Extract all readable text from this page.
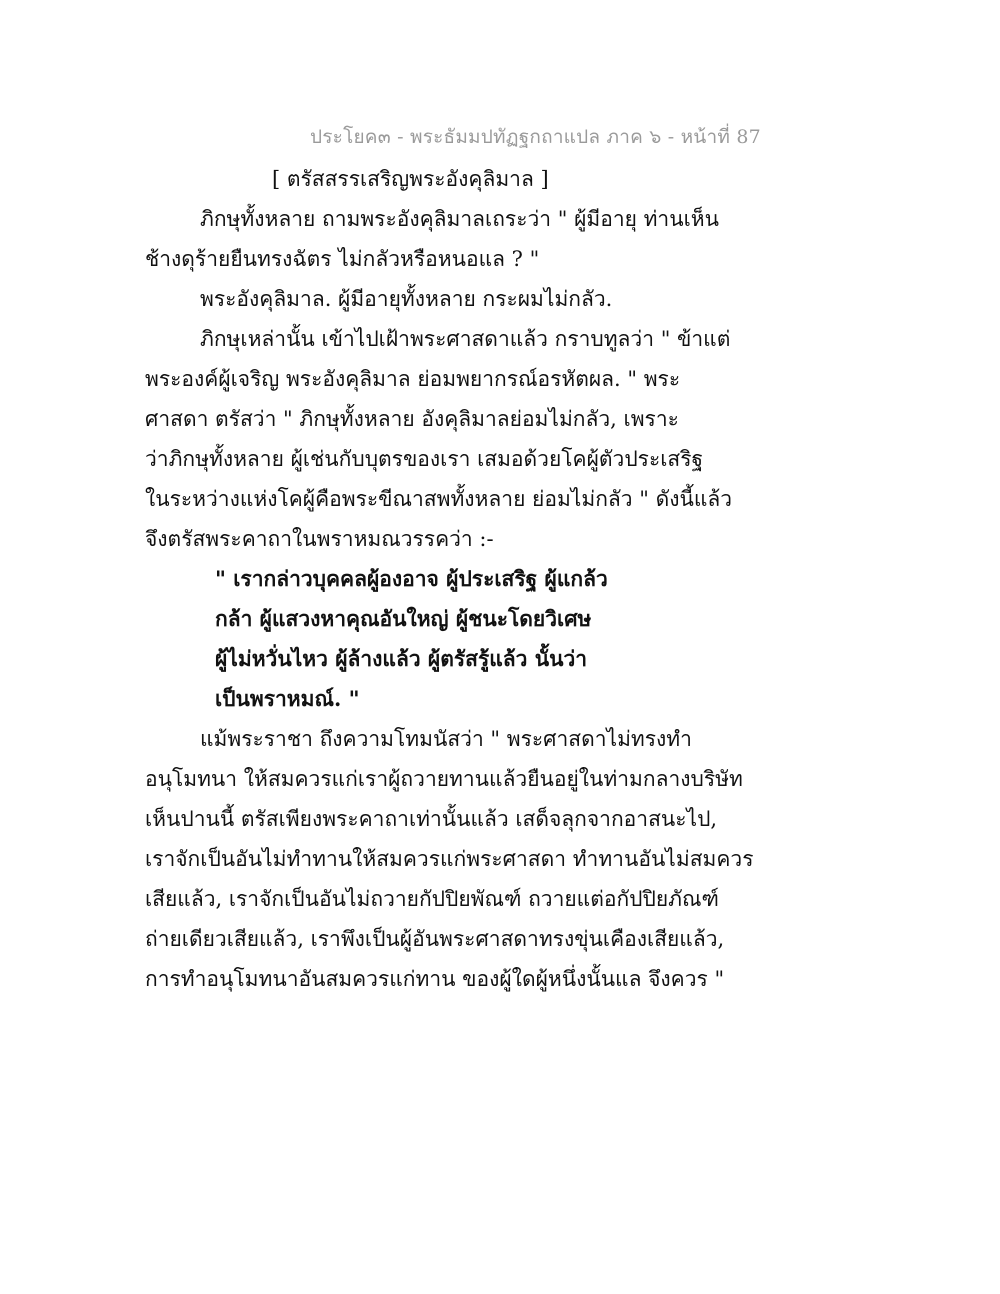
ประโยค๓ - พระธัมมปทัฏฐกถาแปล ภาค ๖ - หน้าที่ 87
[ ตรัสสรรเสริญพระอังคุลิมาล ]
ภิกษุทั้งหลาย ถามพระอังคุลิมาลเถระว่า " ผู้มีอายุ ท่านเห็น
ช้างดุร้ายยืนทรงฉัตร ไม่กลัวหรือหนอแล ? "
พระอังคุลิมาล. ผู้มีอายุทั้งหลาย กระผมไม่กลัว.
ภิกษุเหล่านั้น เข้าไปเฝ้าพระศาสดาแล้ว กราบทูลว่า " ข้าแต่
พระองค์ผู้เจริญ พระอังคุลิมาล ย่อมพยากรณ์อรหัตผล. " พระ
ศาสดา ตรัสว่า " ภิกษุทั้งหลาย อังคุลิมาลย่อมไม่กลัว, เพราะ
ว่าภิกษุทั้งหลาย ผู้เช่นกับบุตรของเรา เสมอด้วยโคผู้ตัวประเสริฐ
ในระหว่างแห่งโคผู้คือพระขีณาสพทั้งหลาย ย่อมไม่กลัว " ดังนี้แล้ว
จึงตรัสพระคาถาในพราหมณวรรคว่า :-
" เรากล่าวบุคคลผู้องอาจ ผู้ประเสริฐ ผู้แกล้ว
กล้า ผู้แสวงหาคุณอันใหญ่ ผู้ชนะโดยวิเศษ
ผู้ไม่หวั่นไหว ผู้ล้างแล้ว ผู้ตรัสรู้แล้ว นั้นว่า
เป็นพราหมณ์. "
แม้พระราชา ถึงความโทมนัสว่า " พระศาสดาไม่ทรงทำ
อนุโมทนา ให้สมควรแก่เราผู้ถวายทานแล้วยืนอยู่ในท่ามกลางบริษัท
เห็นปานนี้ ตรัสเพียงพระคาถาเท่านั้นแล้ว เสด็จลุกจากอาสนะไป,
เราจักเป็นอันไม่ทำทานให้สมควรแก่พระศาสดา ทำทานอันไม่สมควร
เสียแล้ว, เราจักเป็นอันไม่ถวายกัปปิยพัณฑ์ ถวายแต่อกัปปิยภัณฑ์
ถ่ายเดียวเสียแล้ว, เราพึงเป็นผู้อันพระศาสดาทรงขุ่นเคืองเสียแล้ว,
การทำอนุโมทนาอันสมควรแก่ทาน ของผู้ใดผู้หนึ่งนั้นแล จึงควร "
